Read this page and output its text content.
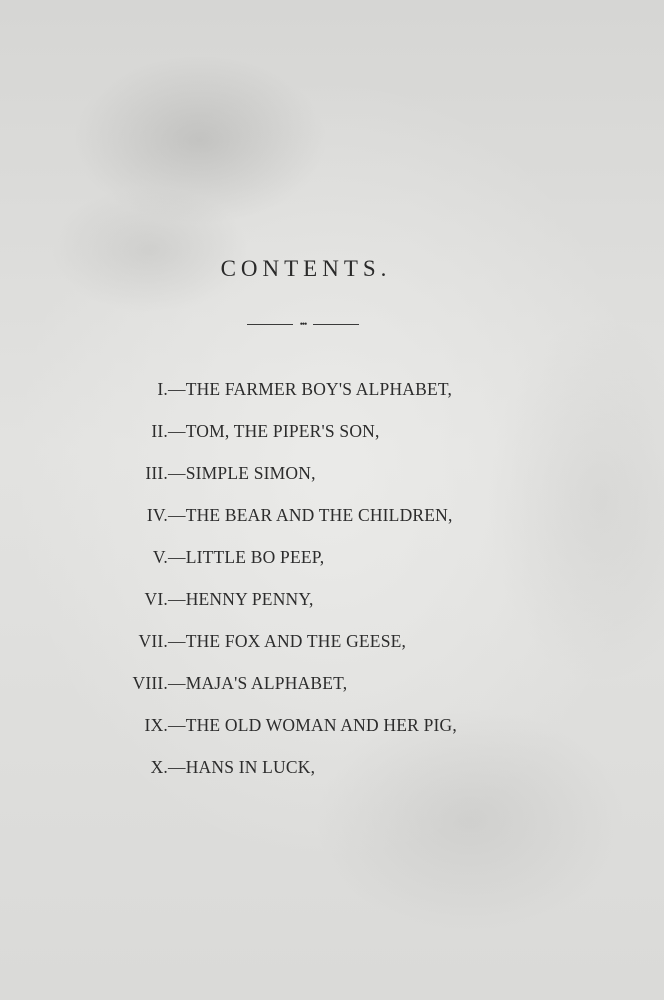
CONTENTS.
•••
I. — THE FARMER BOY'S ALPHABET,
II. — TOM, THE PIPER'S SON,
III. — SIMPLE SIMON,
IV. — THE BEAR AND THE CHILDREN,
V. — LITTLE BO PEEP,
VI. — HENNY PENNY,
VII. — THE FOX AND THE GEESE,
VIII. — MAJA'S ALPHABET,
IX. — THE OLD WOMAN AND HER PIG,
X. — HANS IN LUCK,
